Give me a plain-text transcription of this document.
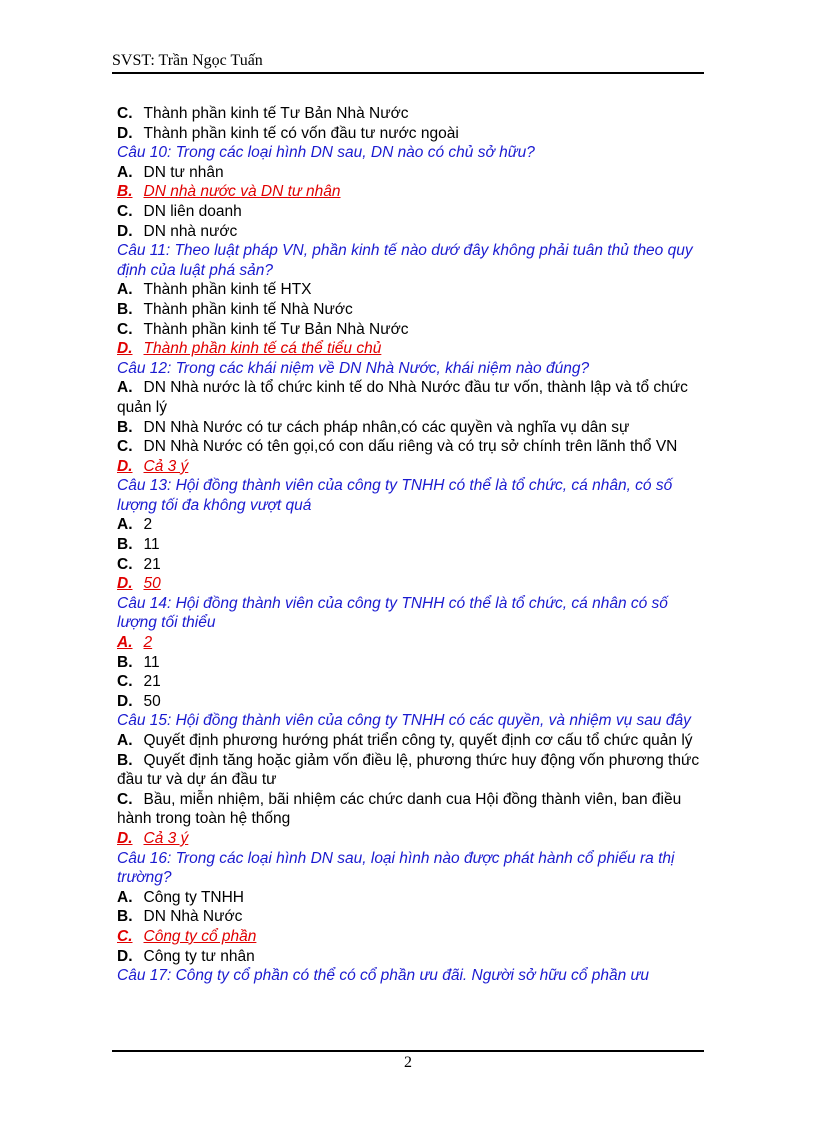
SVST: Trần Ngọc Tuấn
C. Thành phần kinh tế Tư Bản Nhà Nước
D. Thành phần kinh tế có vốn đầu tư nước ngoài
Câu 10: Trong các loại hình DN sau, DN nào có chủ sở hữu?
A. DN tư nhân
B. DN nhà nước và DN tư nhân
C. DN liên doanh
D. DN nhà nước
Câu 11: Theo luật pháp VN, phần kinh tế nào dướ đây không phải tuân thủ theo quy định của luật phá sản?
A. Thành phần kinh tế HTX
B. Thành phần kinh tế Nhà Nước
C. Thành phần kinh tế Tư Bản Nhà Nước
D. Thành phần kinh tế cá thể tiểu chủ
Câu 12: Trong các khái niệm về DN Nhà Nước, khái niệm nào đúng?
A. DN Nhà nước là tổ chức kinh tế do Nhà Nước đầu tư vốn, thành lập và tổ chức quản lý
B. DN Nhà Nước có tư cách pháp nhân,có các quyền và nghĩa vụ dân sự
C. DN Nhà Nước có tên gọi,có con dấu riêng và có trụ sở chính trên lãnh thổ VN
D. Cả 3 ý
Câu 13: Hội đồng thành viên của công ty TNHH có thể là tổ chức, cá nhân, có số lượng tối đa không vượt quá
A. 2
B. 11
C. 21
D. 50
Câu 14: Hội đồng thành viên của công ty TNHH có thể là tổ chức, cá nhân có số lượng tối thiểu
A. 2
B. 11
C. 21
D. 50
Câu 15: Hội đồng thành viên của công ty TNHH có các quyền, và nhiệm vụ sau đây
A. Quyết định phương hướng phát triển công ty, quyết định cơ cấu tổ chức quản lý
B. Quyết định tăng hoặc giảm vốn điều lệ, phương thức huy động vốn phương thức đầu tư và dự án đầu tư
C. Bầu, miễn nhiệm, bãi nhiệm các chức danh cua Hội đồng thành viên, ban điều hành trong toàn hệ thống
D. Cả 3 ý
Câu 16: Trong các loại hình DN sau, loại hình nào được phát hành cổ phiếu ra thị trường?
A. Công ty TNHH
B. DN Nhà Nước
C. Công ty cổ phần
D. Công ty tư nhân
Câu 17: Công ty cổ phần có thể có cổ phần ưu đãi. Người sở hữu cổ phần ưu
2
